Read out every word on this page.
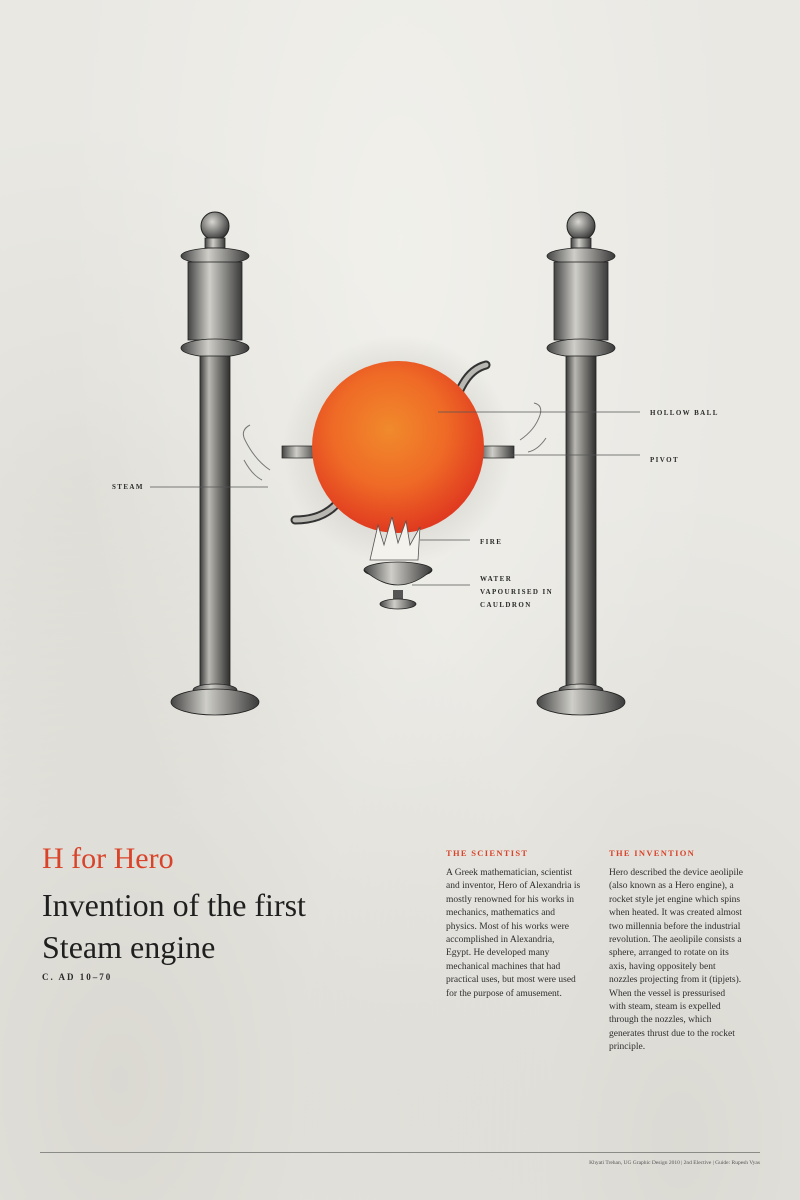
HOLLOW BALL
PIVOT
STEAM
FIRE
WATER VAPOURISED IN CAULDRON
H for Hero
Invention of the first Steam engine
C. AD 10–70
THE SCIENTIST
A Greek mathematician, scientist and inventor, Hero of Alexandria is mostly renowned for his works in mechanics, mathematics and physics. Most of his works were accomplished in Alexandria, Egypt. He developed many mechanical machines that had practical uses, but most were used for the purpose of amusement.
THE INVENTION
Hero described the device aeolipile (also known as a Hero engine), a rocket style jet engine which spins when heated. It was created almost two millennia before the industrial revolution. The aeolipile consists a sphere, arranged to rotate on its axis, having oppositely bent nozzles projecting from it (tipjets). When the vessel is pressurised with steam, steam is expelled through the nozzles, which generates thrust due to the rocket principle.
Khyati Trehan, UG Graphic Design 2010 | 2nd Elective | Guide: Rupesh Vyas
